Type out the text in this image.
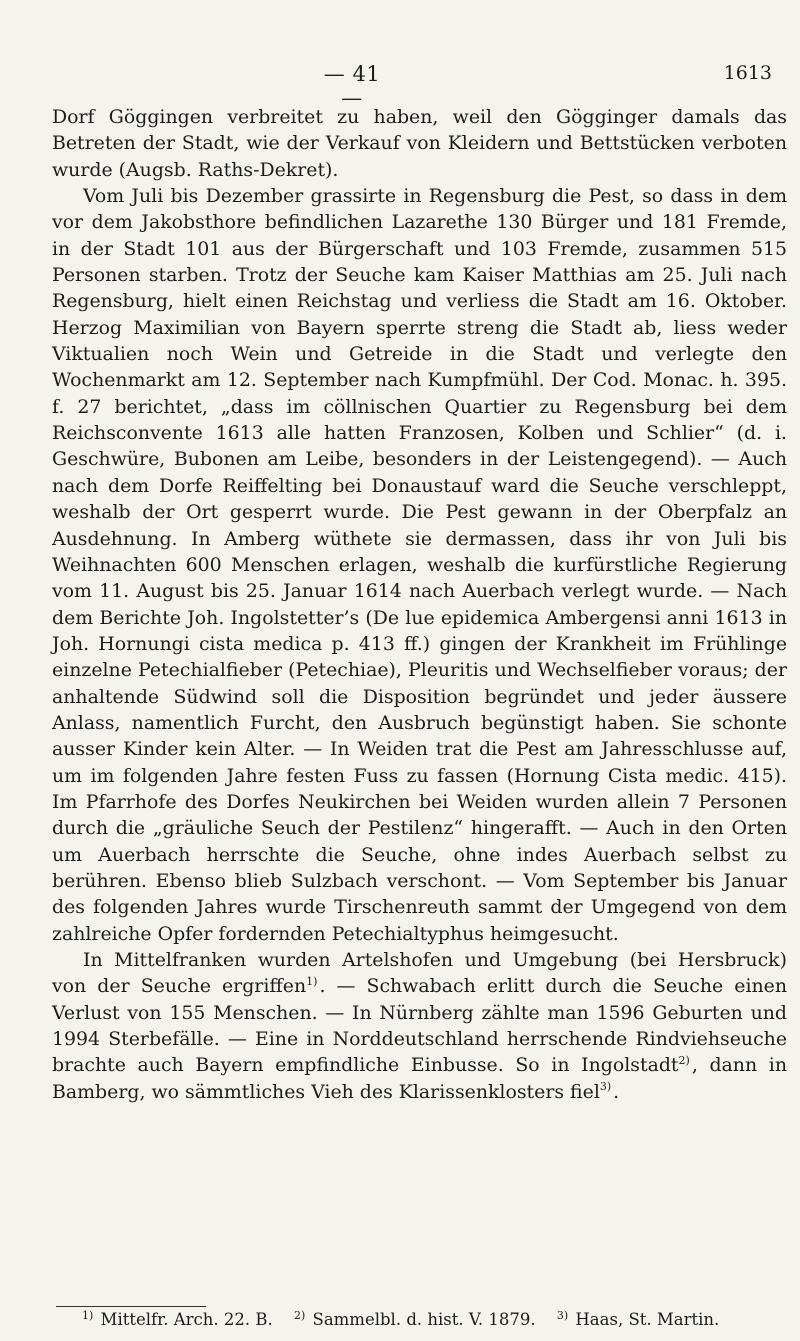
— 41 —
1613

Dorf Göggingen verbreitet zu haben, weil den Gögginger damals das Betreten der Stadt, wie der Verkauf von Kleidern und Bettstücken verboten wurde (Augsb. Raths-Dekret).

Vom Juli bis Dezember grassirte in Regensburg die Pest, so dass in dem vor dem Jakobsthore befindlichen Lazarethe 130 Bürger und 181 Fremde, in der Stadt 101 aus der Bürgerschaft und 103 Fremde, zusammen 515 Personen starben. Trotz der Seuche kam Kaiser Matthias am 25. Juli nach Regensburg, hielt einen Reichstag und verliess die Stadt am 16. Oktober. Herzog Maximilian von Bayern sperrte streng die Stadt ab, liess weder Viktualien noch Wein und Getreide in die Stadt und verlegte den Wochenmarkt am 12. September nach Kumpfmühl. Der Cod. Monac. h. 395. f. 27 berichtet, „dass im cöllnischen Quartier zu Regensburg bei dem Reichsconvente 1613 alle hatten Franzosen, Kolben und Schlier“ (d. i. Geschwüre, Bubonen am Leibe, besonders in der Leistengegend). — Auch nach dem Dorfe Reiffelting bei Donaustauf ward die Seuche verschleppt, weshalb der Ort gesperrt wurde. Die Pest gewann in der Oberpfalz an Ausdehnung. In Amberg wüthete sie dermassen, dass ihr von Juli bis Weihnachten 600 Menschen erlagen, weshalb die kurfürstliche Regierung vom 11. August bis 25. Januar 1614 nach Auerbach verlegt wurde. — Nach dem Berichte Joh. Ingolstetter’s (De lue epidemica Ambergensi anni 1613 in Joh. Hornungi cista medica p. 413 ff.) gingen der Krankheit im Frühlinge einzelne Petechialfieber (Petechiae), Pleuritis und Wechselfieber voraus; der anhaltende Südwind soll die Disposition begründet und jeder äussere Anlass, namentlich Furcht, den Ausbruch begünstigt haben. Sie schonte ausser Kinder kein Alter. — In Weiden trat die Pest am Jahresschlusse auf, um im folgenden Jahre festen Fuss zu fassen (Hornung Cista medic. 415). Im Pfarrhofe des Dorfes Neukirchen bei Weiden wurden allein 7 Personen durch die „gräuliche Seuch der Pestilenz“ hingerafft. — Auch in den Orten um Auerbach herrschte die Seuche, ohne indes Auerbach selbst zu berühren. Ebenso blieb Sulzbach verschont. — Vom September bis Januar des folgenden Jahres wurde Tirschenreuth sammt der Umgegend von dem zahlreiche Opfer fordernden Petechialtyphus heimgesucht.

In Mittelfranken wurden Artelshofen und Umgebung (bei Hersbruck) von der Seuche ergriffen$^{1)}$ . — Schwabach erlitt durch die Seuche einen Verlust von 155 Menschen. — In Nürnberg zählte man 1596 Geburten und 1994 Sterbefälle. — Eine in Norddeutschland herrschende Rindviehseuche brachte auch Bayern empfindliche Einbusse. So in Ingolstadt$^{2)}$ , dann in Bamberg, wo sämmtliches Vieh des Klarissenklosters fiel$^{3)}$ .

$^{1)}$ Mittelfr. Arch. 22. B. $^{2)}$ Sammelbl. d. hist. V. 1879. $^{3)}$ Haas, St. Martin.
